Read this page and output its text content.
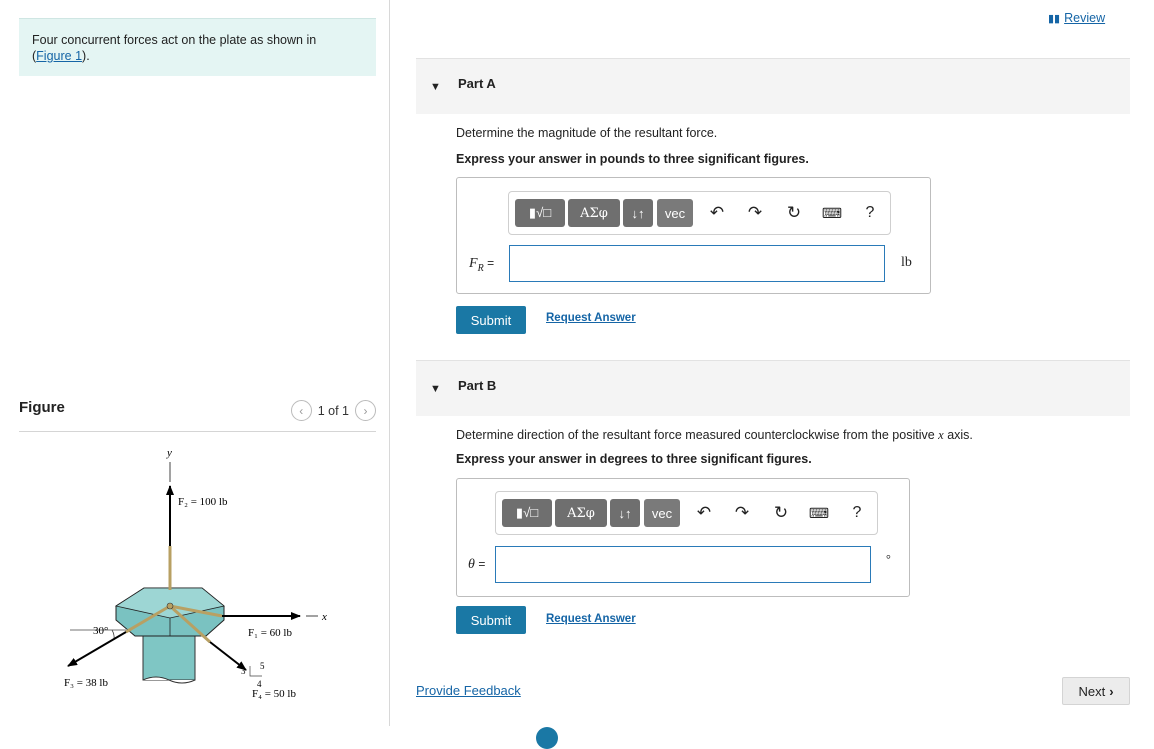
Four concurrent forces act on the plate as shown in
(Figure 1).
Figure	‹	1 of 1	›
y
F₂ = 100 lb
x
F₁ = 60 lb
30°
F₃ = 38 lb
5
3
4
F₄ = 50 lb
▮▮ Review
▼ Part A
Determine the magnitude of the resultant force.
Express your answer in pounds to three significant figures.
▮√□	ΑΣφ	↓↑	vec	↶ ↷ ↻ ⌨	?
$F_R$ =	lb
Submit	Request Answer
▼ Part B
Determine direction of the resultant force measured counterclockwise from the positive x axis.
Express your answer in degrees to three significant figures.
▮√□	ΑΣφ	↓↑	vec	↶ ↷ ↻ ⌨	?
θ =	°
Submit	Request Answer
Provide Feedback	Next ›
